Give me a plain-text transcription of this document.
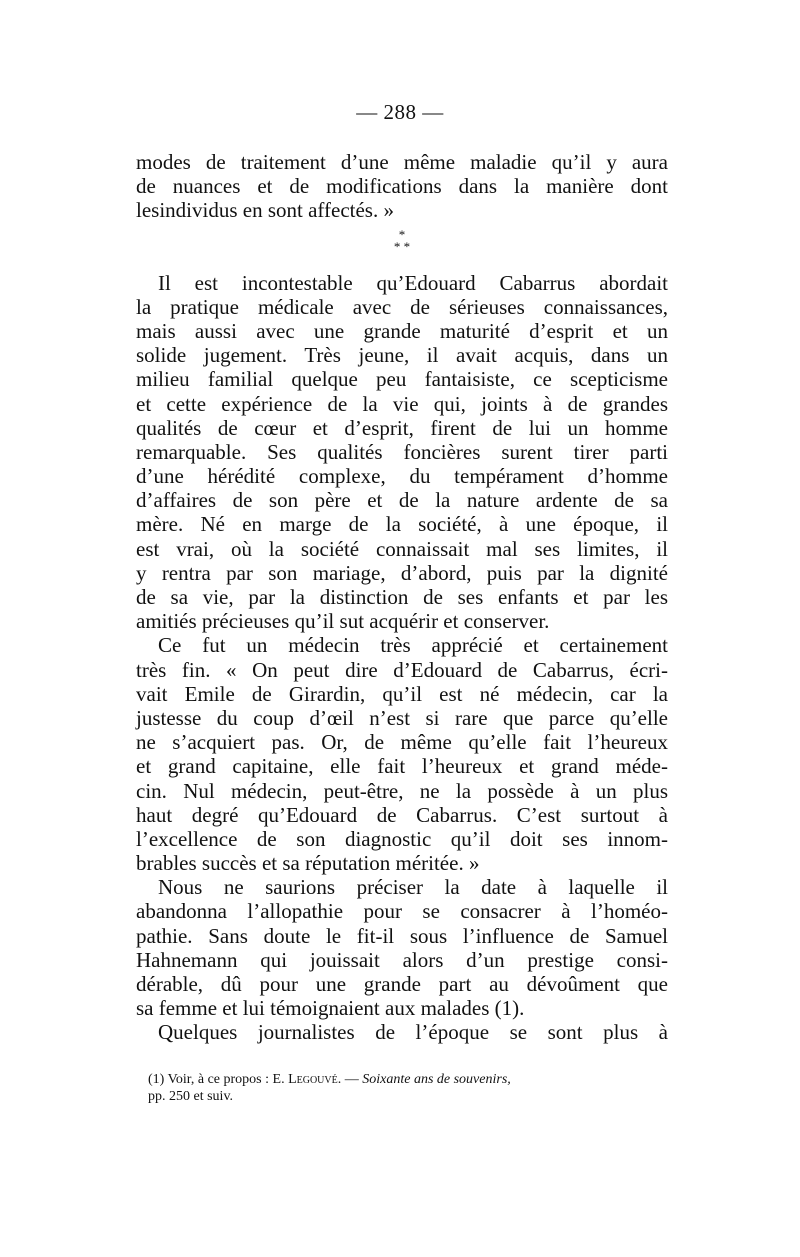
— 288 —
modes de traitement d’une même maladie qu’il y aura
de nuances et de modifications dans la manière dont
lesindividus en sont affectés. »
*
* *
Il est incontestable qu’Edouard Cabarrus abordait
la pratique médicale avec de sérieuses connaissances,
mais aussi avec une grande maturité d’esprit et un
solide jugement. Très jeune, il avait acquis, dans un
milieu familial quelque peu fantaisiste, ce scepticisme
et cette expérience de la vie qui, joints à de grandes
qualités de cœur et d’esprit, firent de lui un homme
remarquable. Ses qualités foncières surent tirer parti
d’une hérédité complexe, du tempérament d’homme
d’affaires de son père et de la nature ardente de sa
mère. Né en marge de la société, à une époque, il
est vrai, où la société connaissait mal ses limites, il
y rentra par son mariage, d’abord, puis par la dignité
de sa vie, par la distinction de ses enfants et par les
amitiés précieuses qu’il sut acquérir et conserver.
Ce fut un médecin très apprécié et certainement
très fin. « On peut dire d’Edouard de Cabarrus, écri-
vait Emile de Girardin, qu’il est né médecin, car la
justesse du coup d’œil n’est si rare que parce qu’elle
ne s’acquiert pas. Or, de même qu’elle fait l’heureux
et grand capitaine, elle fait l’heureux et grand méde-
cin. Nul médecin, peut-être, ne la possède à un plus
haut degré qu’Edouard de Cabarrus. C’est surtout à
l’excellence de son diagnostic qu’il doit ses innom-
brables succès et sa réputation méritée. »
Nous ne saurions préciser la date à laquelle il
abandonna l’allopathie pour se consacrer à l’homéo-
pathie. Sans doute le fit-il sous l’influence de Samuel
Hahnemann qui jouissait alors d’un prestige consi-
dérable, dû pour une grande part au dévoûment que
sa femme et lui témoignaient aux malades (1).
Quelques journalistes de l’époque se sont plus à
(1) Voir, à ce propos : E. Legouvé. — Soixante ans de souvenirs,
pp. 250 et suiv.
